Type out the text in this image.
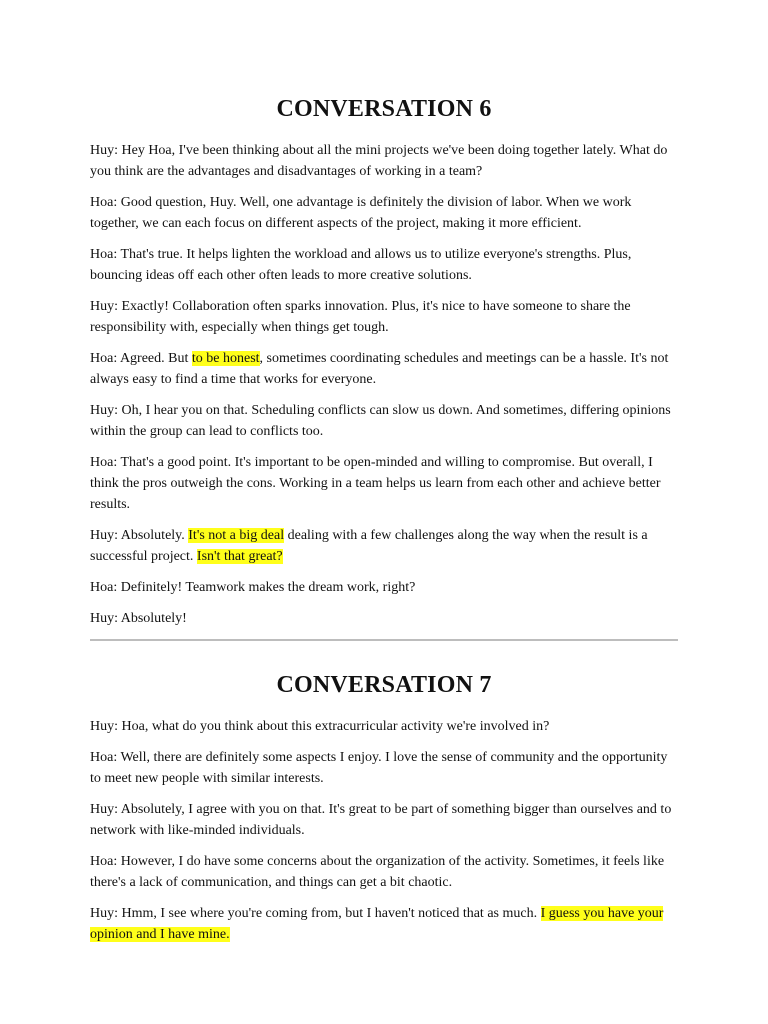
CONVERSATION 6

Huy: Hey Hoa, I've been thinking about all the mini projects we've been doing together lately. What do you think are the advantages and disadvantages of working in a team?

Hoa: Good question, Huy. Well, one advantage is definitely the division of labor. When we work together, we can each focus on different aspects of the project, making it more efficient.

Hoa: That's true. It helps lighten the workload and allows us to utilize everyone's strengths. Plus, bouncing ideas off each other often leads to more creative solutions.

Huy: Exactly! Collaboration often sparks innovation. Plus, it's nice to have someone to share the responsibility with, especially when things get tough.

Hoa: Agreed. But to be honest, sometimes coordinating schedules and meetings can be a hassle. It's not always easy to find a time that works for everyone.

Huy: Oh, I hear you on that. Scheduling conflicts can slow us down. And sometimes, differing opinions within the group can lead to conflicts too.

Hoa: That's a good point. It's important to be open-minded and willing to compromise. But overall, I think the pros outweigh the cons. Working in a team helps us learn from each other and achieve better results.

Huy: Absolutely. It's not a big deal dealing with a few challenges along the way when the result is a successful project. Isn't that great?

Hoa: Definitely! Teamwork makes the dream work, right?

Huy: Absolutely!

CONVERSATION 7

Huy: Hoa, what do you think about this extracurricular activity we're involved in?

Hoa: Well, there are definitely some aspects I enjoy. I love the sense of community and the opportunity to meet new people with similar interests.

Huy: Absolutely, I agree with you on that. It's great to be part of something bigger than ourselves and to network with like-minded individuals.

Hoa: However, I do have some concerns about the organization of the activity. Sometimes, it feels like there's a lack of communication, and things can get a bit chaotic.

Huy: Hmm, I see where you're coming from, but I haven't noticed that as much. I guess you have your opinion and I have mine.
